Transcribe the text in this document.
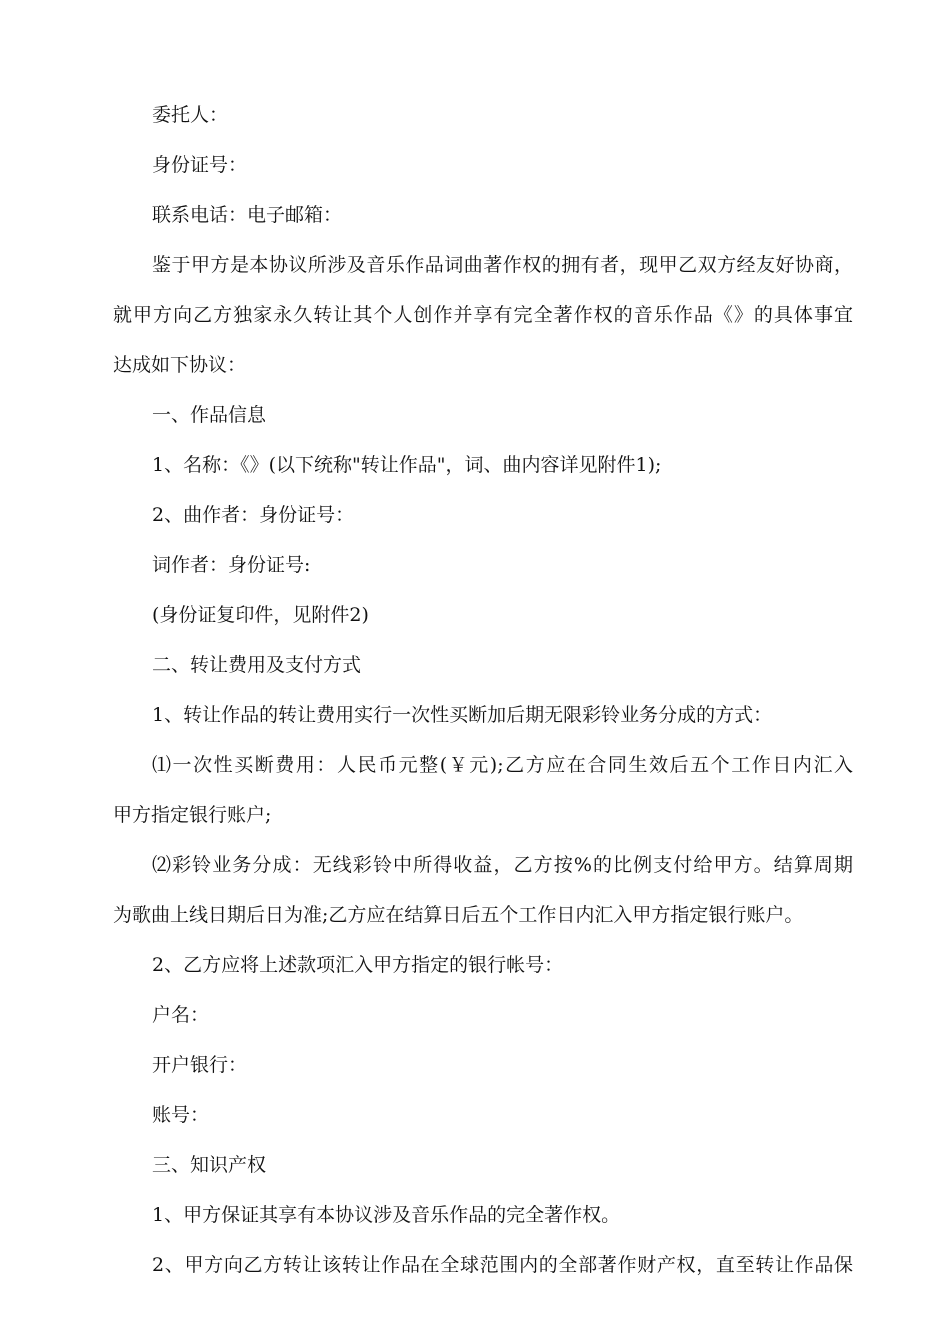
委托人：
身份证号：
联系电话：电子邮箱：
鉴于甲方是本协议所涉及音乐作品词曲著作权的拥有者，现甲乙双方经友好协商，
就甲方向乙方独家永久转让其个人创作并享有完全著作权的音乐作品《》的具体事宜
达成如下协议：
一、作品信息
1、名称：《》(以下统称"转让作品"，词、曲内容详见附件1);
2、曲作者：身份证号：
词作者：身份证号:
(身份证复印件，见附件2)
二、转让费用及支付方式
1、转让作品的转让费用实行一次性买断加后期无限彩铃业务分成的方式：
⑴一次性买断费用：人民币元整(￥元);乙方应在合同生效后五个工作日内汇入
甲方指定银行账户;
⑵彩铃业务分成：无线彩铃中所得收益，乙方按%的比例支付给甲方。结算周期
为歌曲上线日期后日为准;乙方应在结算日后五个工作日内汇入甲方指定银行账户。
2、乙方应将上述款项汇入甲方指定的银行帐号：
户名：
开户银行：
账号：
三、知识产权
1、甲方保证其享有本协议涉及音乐作品的完全著作权。
2、甲方向乙方转让该转让作品在全球范围内的全部著作财产权，直至转让作品保
